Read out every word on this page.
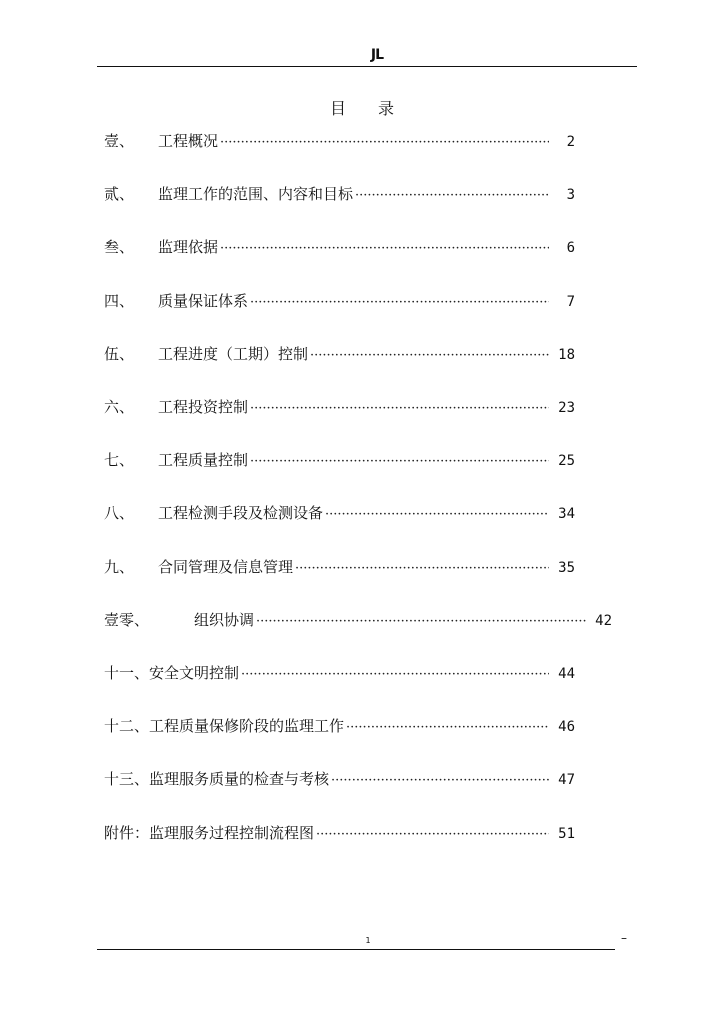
JL
目录
壹、	工程概况 ·····	2
贰、	监理工作的范围、内容和目标 ·····	3
叁、	监理依据 ·····	6
四、	质量保证体系 ·····	7
伍、	工程进度（工期）控制 ·····	18
六、	工程投资控制 ·····	23
七、	工程质量控制 ·····	25
八、	工程检测手段及检测设备 ·····	34
九、	合同管理及信息管理 ·····	35
壹零、	组织协调 ·····	42
十一、 安全文明控制 ·····	44
十二、 工程质量保修阶段的监理工作 ·····	46
十三、 监理服务质量的检查与考核 ·····	47
附件： 监理服务过程控制流程图 ·····	51
1	–
